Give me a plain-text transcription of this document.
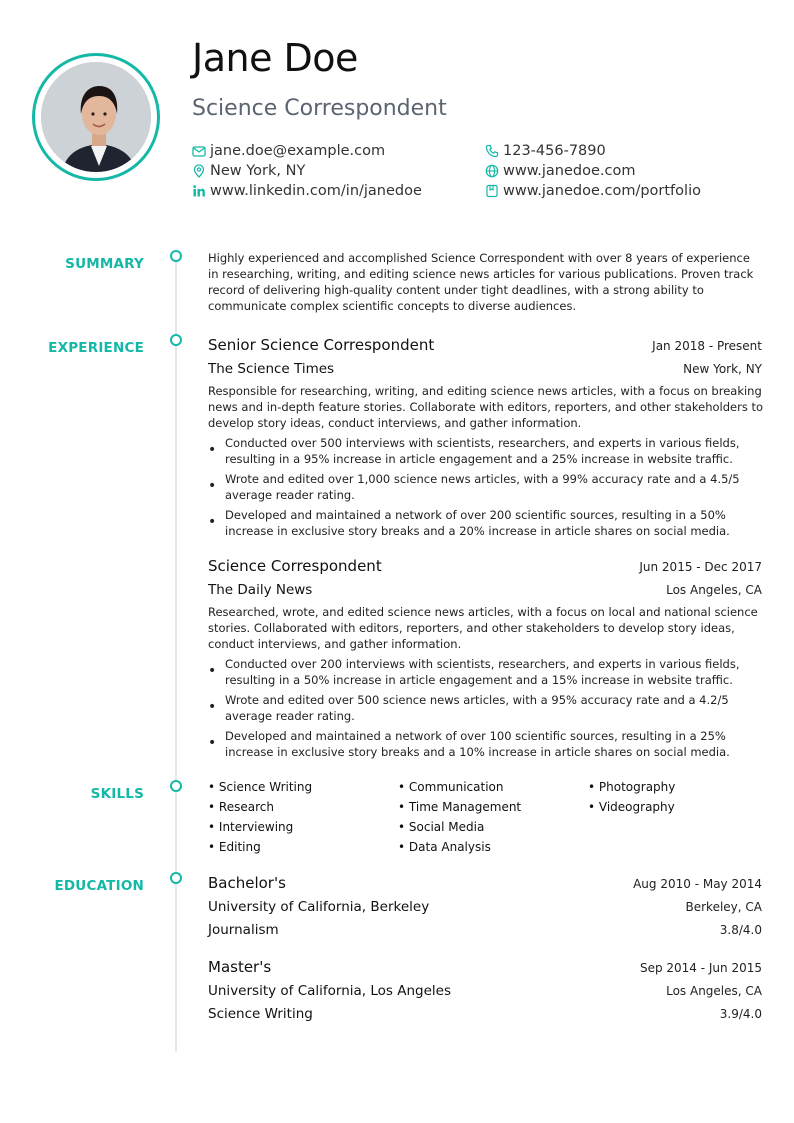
Jane Doe
Science Correspondent
jane.doe@example.com
New York, NY
www.linkedin.com/in/janedoe
123-456-7890
www.janedoe.com
www.janedoe.com/portfolio
SUMMARY
EXPERIENCE
SKILLS
EDUCATION
Highly experienced and accomplished Science Correspondent with over 8 years of experience in researching, writing, and editing science news articles for various publications. Proven track record of delivering high-quality content under tight deadlines, with a strong ability to communicate complex scientific concepts to diverse audiences.
Senior Science Correspondent	Jan 2018 - Present
The Science Times	New York, NY
Responsible for researching, writing, and editing science news articles, with a focus on breaking news and in-depth feature stories. Collaborate with editors, reporters, and other stakeholders to develop story ideas, conduct interviews, and gather information.
• Conducted over 500 interviews with scientists, researchers, and experts in various fields, resulting in a 95% increase in article engagement and a 25% increase in website traffic.
• Wrote and edited over 1,000 science news articles, with a 99% accuracy rate and a 4.5/5 average reader rating.
• Developed and maintained a network of over 200 scientific sources, resulting in a 50% increase in exclusive story breaks and a 20% increase in article shares on social media.
Science Correspondent	Jun 2015 - Dec 2017
The Daily News	Los Angeles, CA
Researched, wrote, and edited science news articles, with a focus on local and national science stories. Collaborated with editors, reporters, and other stakeholders to develop story ideas, conduct interviews, and gather information.
• Conducted over 200 interviews with scientists, researchers, and experts in various fields, resulting in a 50% increase in article engagement and a 15% increase in website traffic.
• Wrote and edited over 500 science news articles, with a 95% accuracy rate and a 4.2/5 average reader rating.
• Developed and maintained a network of over 100 scientific sources, resulting in a 25% increase in exclusive story breaks and a 10% increase in article shares on social media.
• Science Writing
• Research
• Interviewing
• Editing
• Communication
• Time Management
• Social Media
• Data Analysis
• Photography
• Videography
Bachelor's	Aug 2010 - May 2014
University of California, Berkeley	Berkeley, CA
Journalism	3.8/4.0
Master's	Sep 2014 - Jun 2015
University of California, Los Angeles	Los Angeles, CA
Science Writing	3.9/4.0
